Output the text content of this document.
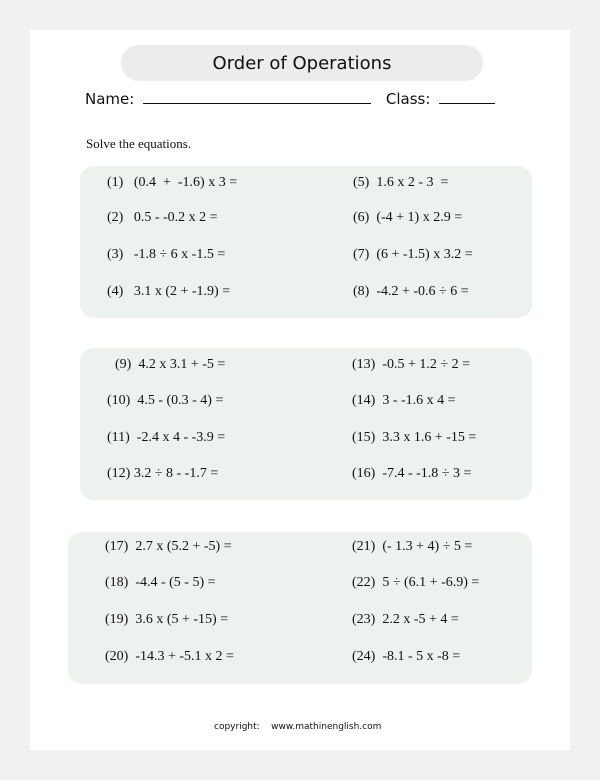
Order of Operations
Name:	Class:
Solve the equations.
(1)   (0.4  +  -1.6) x 3 =
(2)   0.5 - -0.2 x 2 =
(3)   -1.8 ÷ 6 x -1.5 =
(4)   3.1 x (2 + -1.9) =
(5)  1.6 x 2 - 3  =
(6)  (-4 + 1) x 2.9 =
(7)  (6 + -1.5) x 3.2 =
(8)  -4.2 + -0.6 ÷ 6 =
(9)  4.2 x 3.1 + -5 =
(10)  4.5 - (0.3 - 4) =
(11)  -2.4 x 4 - -3.9 =
(12) 3.2 ÷ 8 - -1.7 =
(13)  -0.5 + 1.2 ÷ 2 =
(14)  3 - -1.6 x 4 =
(15)  3.3 x 1.6 + -15 =
(16)  -7.4 - -1.8 ÷ 3 =
(17)  2.7 x (5.2 + -5) =
(18)  -4.4 - (5 - 5) =
(19)  3.6 x (5 + -15) =
(20)  -14.3 + -5.1 x 2 =
(21)  (- 1.3 + 4) ÷ 5 =
(22)  5 ÷ (6.1 + -6.9) =
(23)  2.2 x -5 + 4 =
(24)  -8.1 - 5 x -8 =
copyright:    www.mathinenglish.com
